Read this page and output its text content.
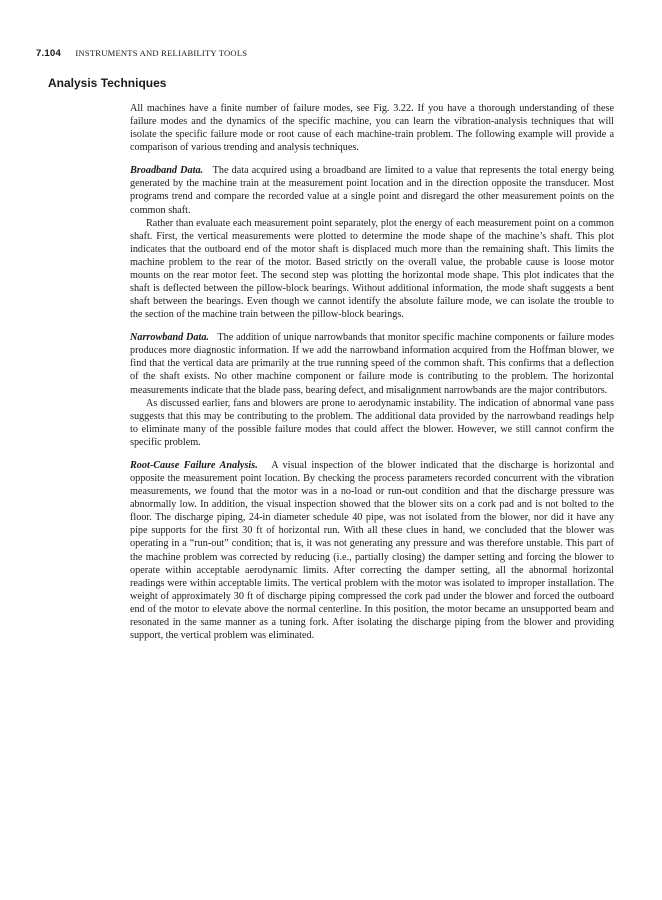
7.104 INSTRUMENTS AND RELIABILITY TOOLS
Analysis Techniques

All machines have a finite number of failure modes, see Fig. 3.22. If you have a thorough understanding of these failure modes and the dynamics of the specific machine, you can learn the vibration-analysis techniques that will isolate the specific failure mode or root cause of each machine-train problem. The following example will provide a comparison of various trending and analysis techniques.

Broadband Data. The data acquired using a broadband are limited to a value that represents the total energy being generated by the machine train at the measurement point location and in the direction opposite the transducer. Most programs trend and compare the recorded value at a single point and disregard the other measurement points on the common shaft.

Rather than evaluate each measurement point separately, plot the energy of each measurement point on a common shaft. First, the vertical measurements were plotted to determine the mode shape of the machine’s shaft. This plot indicates that the outboard end of the motor shaft is displaced much more than the remaining shaft. This limits the machine problem to the rear of the motor. Based strictly on the overall value, the probable cause is loose motor mounts on the rear motor feet. The second step was plotting the horizontal mode shape. This plot indicates that the shaft is deflected between the pillow-block bearings. Without additional information, the mode shaft suggests a bent shaft between the bearings. Even though we cannot identify the absolute failure mode, we can isolate the trouble to the section of the machine train between the pillow-block bearings.

Narrowband Data. The addition of unique narrowbands that monitor specific machine components or failure modes produces more diagnostic information. If we add the narrowband information acquired from the Hoffman blower, we find that the vertical data are primarily at the true running speed of the common shaft. This confirms that a deflection of the shaft exists. No other machine component or failure mode is contributing to the problem. The horizontal measurements indicate that the blade pass, bearing defect, and misalignment narrowbands are the major contributors.

As discussed earlier, fans and blowers are prone to aerodynamic instability. The indication of abnormal vane pass suggests that this may be contributing to the problem. The additional data provided by the narrowband readings help to eliminate many of the possible failure modes that could affect the blower. However, we still cannot confirm the specific problem.

Root-Cause Failure Analysis. A visual inspection of the blower indicated that the discharge is horizontal and opposite the measurement point location. By checking the process parameters recorded concurrent with the vibration measurements, we found that the motor was in a no-load or run-out condition and that the discharge pressure was abnormally low. In addition, the visual inspection showed that the blower sits on a cork pad and is not bolted to the floor. The discharge piping, 24-in diameter schedule 40 pipe, was not isolated from the blower, nor did it have any pipe supports for the first 30 ft of horizontal run. With all these clues in hand, we concluded that the blower was operating in a “run-out” condition; that is, it was not generating any pressure and was therefore unstable. This part of the machine problem was corrected by reducing (i.e., partially closing) the damper setting and forcing the blower to operate within acceptable aerodynamic limits. After correcting the damper setting, all the abnormal horizontal readings were within acceptable limits. The vertical problem with the motor was isolated to improper installation. The weight of approximately 30 ft of discharge piping compressed the cork pad under the blower and forced the outboard end of the motor to elevate above the normal centerline. In this position, the motor became an unsupported beam and resonated in the same manner as a tuning fork. After isolating the discharge piping from the blower and providing support, the vertical problem was eliminated.
